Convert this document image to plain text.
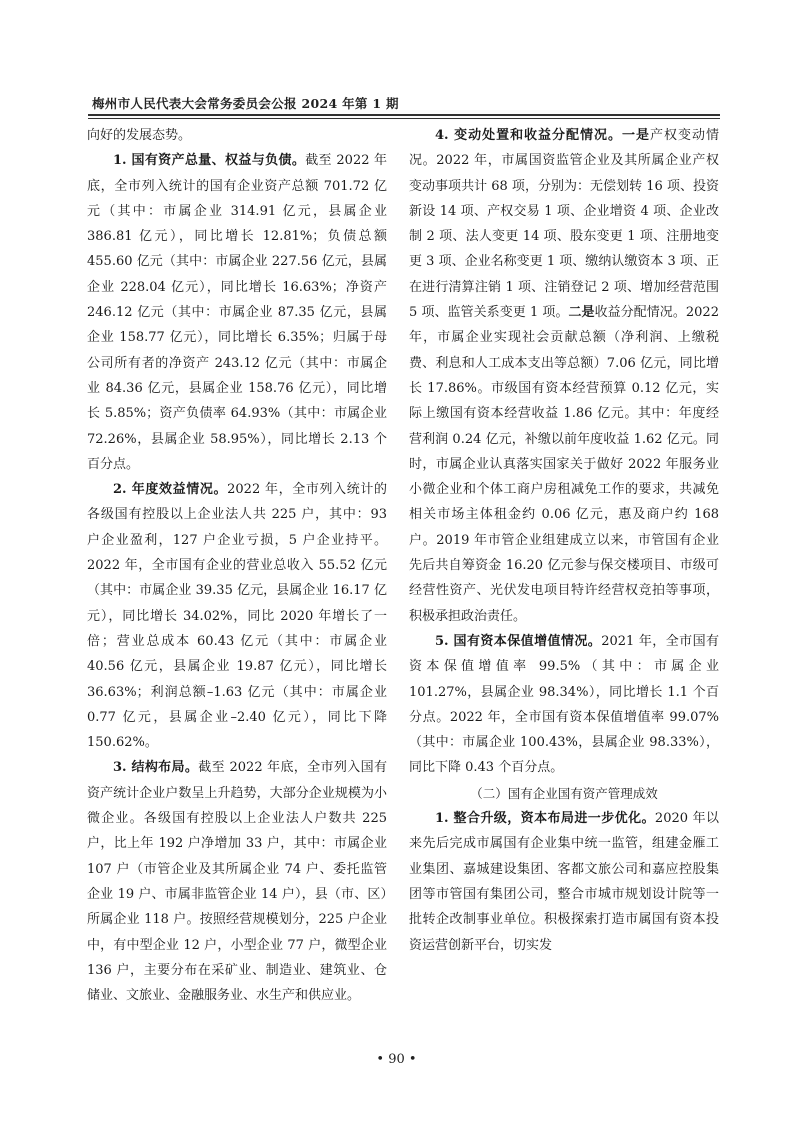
梅州市人民代表大会常务委员会公报 2024 年第 1 期

向好的发展态势。

1. 国有资产总量、权益与负债。截至 2022 年底，全市列入统计的国有企业资产总额 701.72 亿元（其中：市属企业 314.91 亿元，县属企业 386.81 亿元），同比增长 12.81%；负债总额 455.60 亿元（其中：市属企业 227.56 亿元，县属企业 228.04 亿元），同比增长 16.63%；净资产 246.12 亿元（其中：市属企业 87.35 亿元，县属企业 158.77 亿元），同比增长 6.35%；归属于母公司所有者的净资产 243.12 亿元（其中：市属企业 84.36 亿元，县属企业 158.76 亿元），同比增长 5.85%；资产负债率 64.93%（其中：市属企业 72.26%，县属企业 58.95%），同比增长 2.13 个百分点。

2. 年度效益情况。2022 年，全市列入统计的各级国有控股以上企业法人共 225 户，其中：93 户企业盈利，127 户企业亏损，5 户企业持平。2022 年，全市国有企业的营业总收入 55.52 亿元（其中：市属企业 39.35 亿元，县属企业 16.17 亿元），同比增长 34.02%，同比 2020 年增长了一倍；营业总成本 60.43 亿元（其中：市属企业 40.56 亿元，县属企业 19.87 亿元），同比增长 36.63%；利润总额–1.63 亿元（其中：市属企业 0.77 亿元，县属企业–2.40 亿元），同比下降 150.62%。

3. 结构布局。截至 2022 年底，全市列入国有资产统计企业户数呈上升趋势，大部分企业规模为小微企业。各级国有控股以上企业法人户数共 225 户，比上年 192 户净增加 33 户，其中：市属企业 107 户（市管企业及其所属企业 74 户、委托监管企业 19 户、市属非监管企业 14 户），县（市、区）所属企业 118 户。按照经营规模划分，225 户企业中，有中型企业 12 户，小型企业 77 户，微型企业 136 户，主要分布在采矿业、制造业、建筑业、仓储业、文旅业、金融服务业、水生产和供应业。

4. 变动处置和收益分配情况。一是产权变动情况。2022 年，市属国资监管企业及其所属企业产权变动事项共计 68 项，分别为：无偿划转 16 项、投资新设 14 项、产权交易 1 项、企业增资 4 项、企业改制 2 项、法人变更 14 项、股东变更 1 项、注册地变更 3 项、企业名称变更 1 项、缴纳认缴资本 3 项、正在进行清算注销 1 项、注销登记 2 项、增加经营范围 5 项、监管关系变更 1 项。二是收益分配情况。2022 年，市属企业实现社会贡献总额（净利润、上缴税费、利息和人工成本支出等总额）7.06 亿元，同比增长 17.86%。市级国有资本经营预算 0.12 亿元，实际上缴国有资本经营收益 1.86 亿元。其中：年度经营利润 0.24 亿元，补缴以前年度收益 1.62 亿元。同时，市属企业认真落实国家关于做好 2022 年服务业小微企业和个体工商户房租减免工作的要求，共减免相关市场主体租金约 0.06 亿元，惠及商户约 168 户。2019 年市管企业组建成立以来，市管国有企业先后共自筹资金 16.20 亿元参与保交楼项目、市级可经营性资产、光伏发电项目特许经营权竞拍等事项，积极承担政治责任。

5. 国有资本保值增值情况。2021 年，全市国有资本保值增值率 99.5%（其中：市属企业 101.27%，县属企业 98.34%），同比增长 1.1 个百分点。2022 年，全市国有资本保值增值率 99.07%（其中：市属企业 100.43%，县属企业 98.33%），同比下降 0.43 个百分点。

（二）国有企业国有资产管理成效

1. 整合升级，资本布局进一步优化。2020 年以来先后完成市属国有企业集中统一监管，组建金雁工业集团、嘉城建设集团、客都文旅公司和嘉应控股集团等市管国有集团公司，整合市城市规划设计院等一批转企改制事业单位。积极探索打造市属国有资本投资运营创新平台，切实发

• 90 •
